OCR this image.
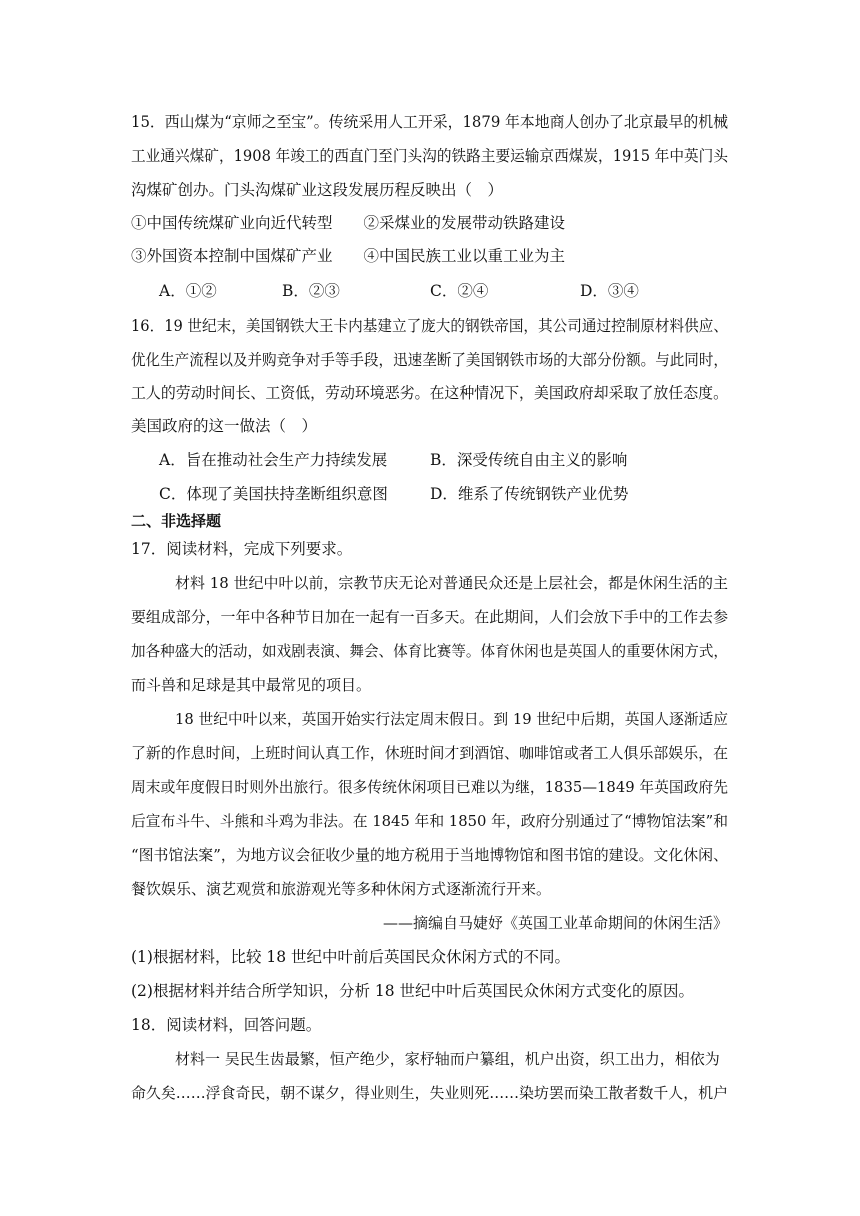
15．西山煤为“京师之至宝”。传统采用人工开采，1879 年本地商人创办了北京最早的机械
工业通兴煤矿，1908 年竣工的西直门至门头沟的铁路主要运输京西煤炭，1915 年中英门头
沟煤矿创办。门头沟煤矿业这段发展历程反映出（　）
①中国传统煤矿业向近代转型　　②采煤业的发展带动铁路建设
③外国资本控制中国煤矿产业　　④中国民族工业以重工业为主
A．①②	B．②③	C．②④	D．③④
16．19 世纪末，美国钢铁大王卡内基建立了庞大的钢铁帝国，其公司通过控制原材料供应、
优化生产流程以及并购竞争对手等手段，迅速垄断了美国钢铁市场的大部分份额。与此同时，
工人的劳动时间长、工资低，劳动环境恶劣。在这种情况下，美国政府却采取了放任态度。
美国政府的这一做法（　）
A．旨在推动社会生产力持续发展	B．深受传统自由主义的影响
C．体现了美国扶持垄断组织意图	D．维系了传统钢铁产业优势
二、非选择题
17．阅读材料，完成下列要求。
材料 18 世纪中叶以前，宗教节庆无论对普通民众还是上层社会，都是休闲生活的主
要组成部分，一年中各种节日加在一起有一百多天。在此期间，人们会放下手中的工作去参
加各种盛大的活动，如戏剧表演、舞会、体育比赛等。体育休闲也是英国人的重要休闲方式，
而斗兽和足球是其中最常见的项目。
18 世纪中叶以来，英国开始实行法定周末假日。到 19 世纪中后期，英国人逐渐适应
了新的作息时间，上班时间认真工作，休班时间才到酒馆、咖啡馆或者工人俱乐部娱乐，在
周末或年度假日时则外出旅行。很多传统休闲项目已难以为继，1835—1849 年英国政府先
后宣布斗牛、斗熊和斗鸡为非法。在 1845 年和 1850 年，政府分别通过了“博物馆法案”和
“图书馆法案”，为地方议会征收少量的地方税用于当地博物馆和图书馆的建设。文化休闲、
餐饮娱乐、演艺观赏和旅游观光等多种休闲方式逐渐流行开来。
——摘编自马婕妤《英国工业革命期间的休闲生活》
(1)根据材料，比较 18 世纪中叶前后英国民众休闲方式的不同。
(2)根据材料并结合所学知识，分析 18 世纪中叶后英国民众休闲方式变化的原因。
18．阅读材料，回答问题。
材料一 吴民生齿最繁，恒产绝少，家杼轴而户纂组，机户出资，织工出力，相依为
命久矣……浮食奇民，朝不谋夕，得业则生，失业则死……染坊罢而染工散者数千人，机户
